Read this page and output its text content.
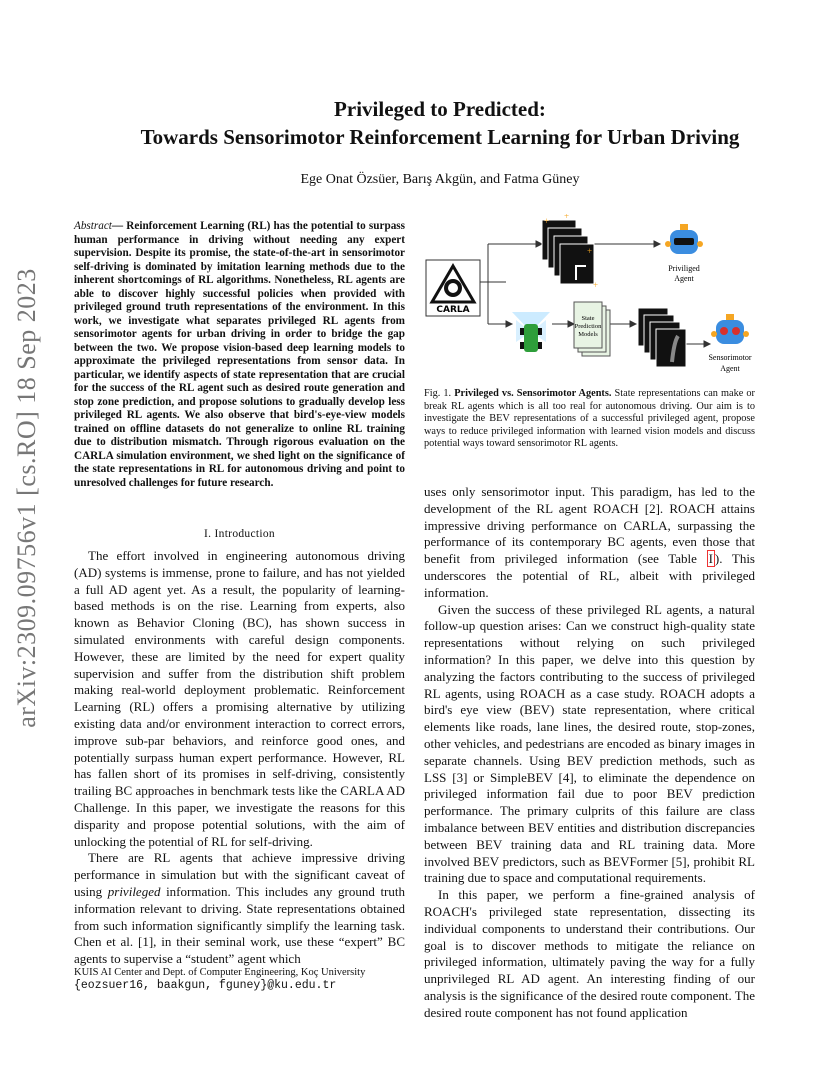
arXiv:2309.09756v1 [cs.RO] 18 Sep 2023
Privileged to Predicted:
Towards Sensorimotor Reinforcement Learning for Urban Driving
Ege Onat Özsüer, Barış Akgün, and Fatma Güney
Abstract— Reinforcement Learning (RL) has the potential to surpass human performance in driving without needing any expert supervision. Despite its promise, the state-of-the-art in sensorimotor self-driving is dominated by imitation learning methods due to the inherent shortcomings of RL algorithms. Nonetheless, RL agents are able to discover highly successful policies when provided with privileged ground truth representations of the environment. In this work, we investigate what separates privileged RL agents from sensorimotor agents for urban driving in order to bridge the gap between the two. We propose vision-based deep learning models to approximate the privileged representations from sensor data. In particular, we identify aspects of state representation that are crucial for the success of the RL agent such as desired route generation and stop zone prediction, and propose solutions to gradually develop less privileged RL agents. We also observe that bird's-eye-view models trained on offline datasets do not generalize to online RL training due to distribution mismatch. Through rigorous evaluation on the CARLA simulation environment, we shed light on the significance of the state representations in RL for autonomous driving and point to unresolved challenges for future research.
I. Introduction

The effort involved in engineering autonomous driving (AD) systems is immense, prone to failure, and has not yielded a full AD agent yet. As a result, the popularity of learning-based methods is on the rise. Learning from experts, also known as Behavior Cloning (BC), has shown success in simulated environments with careful design components. However, these are limited by the need for expert quality supervision and suffer from the distribution shift problem making real-world deployment problematic. Reinforcement Learning (RL) offers a promising alternative by utilizing existing data and/or environment interaction to correct errors, improve sub-par behaviors, and reinforce good ones, and potentially surpass human expert performance. However, RL has fallen short of its promises in self-driving, consistently trailing BC approaches in benchmark tests like the CARLA AD Challenge. In this paper, we investigate the reasons for this disparity and propose potential solutions, with the aim of unlocking the potential of RL for self-driving.

There are RL agents that achieve impressive driving performance in simulation but with the significant caveat of using privileged information. This includes any ground truth information relevant to driving. State representations obtained from such information significantly simplify the learning task. Chen et al. [1], in their seminal work, use these “expert” BC agents to supervise a “student” agent which

KUIS AI Center and Dept. of Computer Engineering, Koç University
{eozsuer16, baakgun, fguney}@ku.edu.tr
CARLA
+ +
+
+
Priviliged
Agent
State
Prediction
Models
Sensorimotor
Agent
Fig. 1. Privileged vs. Sensorimotor Agents. State representations can make or break RL agents which is all too real for autonomous driving. Our aim is to investigate the BEV representations of a successful privileged agent, propose ways to reduce privileged information with learned vision models and discuss potential ways toward sensorimotor RL agents.

uses only sensorimotor input. This paradigm, has led to the development of the RL agent ROACH [2]. ROACH attains impressive driving performance on CARLA, surpassing the performance of its contemporary BC agents, even those that benefit from privileged information (see Table I ). This underscores the potential of RL, albeit with privileged information.

Given the success of these privileged RL agents, a natural follow-up question arises: Can we construct high-quality state representations without relying on such privileged information? In this paper, we delve into this question by analyzing the factors contributing to the success of privileged RL agents, using ROACH as a case study. ROACH adopts a bird's eye view (BEV) state representation, where critical elements like roads, lane lines, the desired route, stop-zones, other vehicles, and pedestrians are encoded as binary images in separate channels. Using BEV prediction methods, such as LSS [3] or SimpleBEV [4], to eliminate the dependence on privileged information fail due to poor BEV prediction performance. The primary culprits of this failure are class imbalance between BEV entities and distribution discrepancies between BEV training data and RL training data. More involved BEV predictors, such as BEVFormer [5], prohibit RL training due to space and computational requirements.

In this paper, we perform a fine-grained analysis of ROACH's privileged state representation, dissecting its individual components to understand their contributions. Our goal is to discover methods to mitigate the reliance on privileged information, ultimately paving the way for a fully unprivileged RL AD agent. An interesting finding of our analysis is the significance of the desired route component. The desired route component has not found application
